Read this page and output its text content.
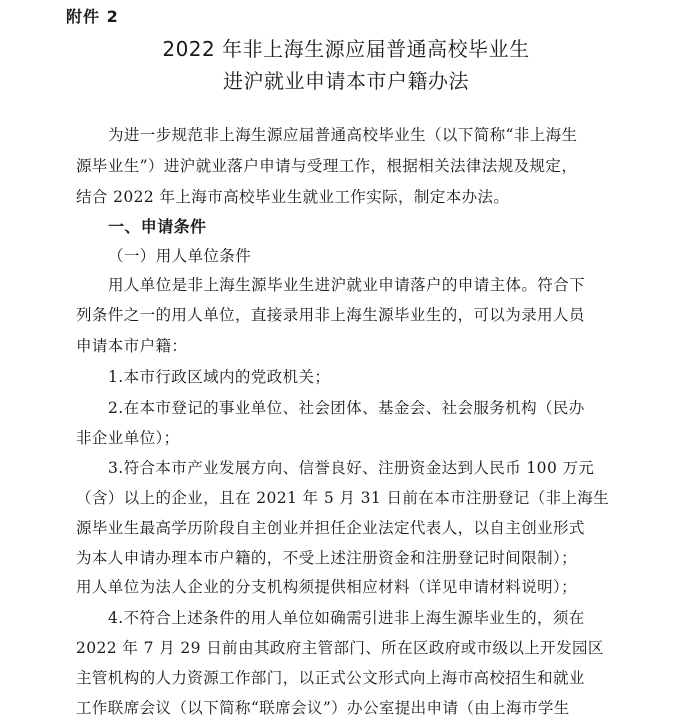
附件 2
2022 年非上海生源应届普通高校毕业生
进沪就业申请本市户籍办法
为进一步规范非上海生源应届普通高校毕业生（以下简称“非上海生
源毕业生”）进沪就业落户申请与受理工作，根据相关法律法规及规定，
结合 2022 年上海市高校毕业生就业工作实际，制定本办法。
一、申请条件
（一）用人单位条件
用人单位是非上海生源毕业生进沪就业申请落户的申请主体。符合下
列条件之一的用人单位，直接录用非上海生源毕业生的，可以为录用人员
申请本市户籍：
1.本市行政区域内的党政机关；
2.在本市登记的事业单位、社会团体、基金会、社会服务机构（民办
非企业单位）；
3.符合本市产业发展方向、信誉良好、注册资金达到人民币 100 万元
（含）以上的企业，且在 2021 年 5 月 31 日前在本市注册登记（非上海生
源毕业生最高学历阶段自主创业并担任企业法定代表人，以自主创业形式
为本人申请办理本市户籍的，不受上述注册资金和注册登记时间限制）；
用人单位为法人企业的分支机构须提供相应材料（详见申请材料说明）；
4.不符合上述条件的用人单位如确需引进非上海生源毕业生的，须在
2022 年 7 月 29 日前由其政府主管部门、所在区政府或市级以上开发园区
主管机构的人力资源工作部门，以正式公文形式向上海市高校招生和就业
工作联席会议（以下简称“联席会议”）办公室提出申请（由上海市学生
